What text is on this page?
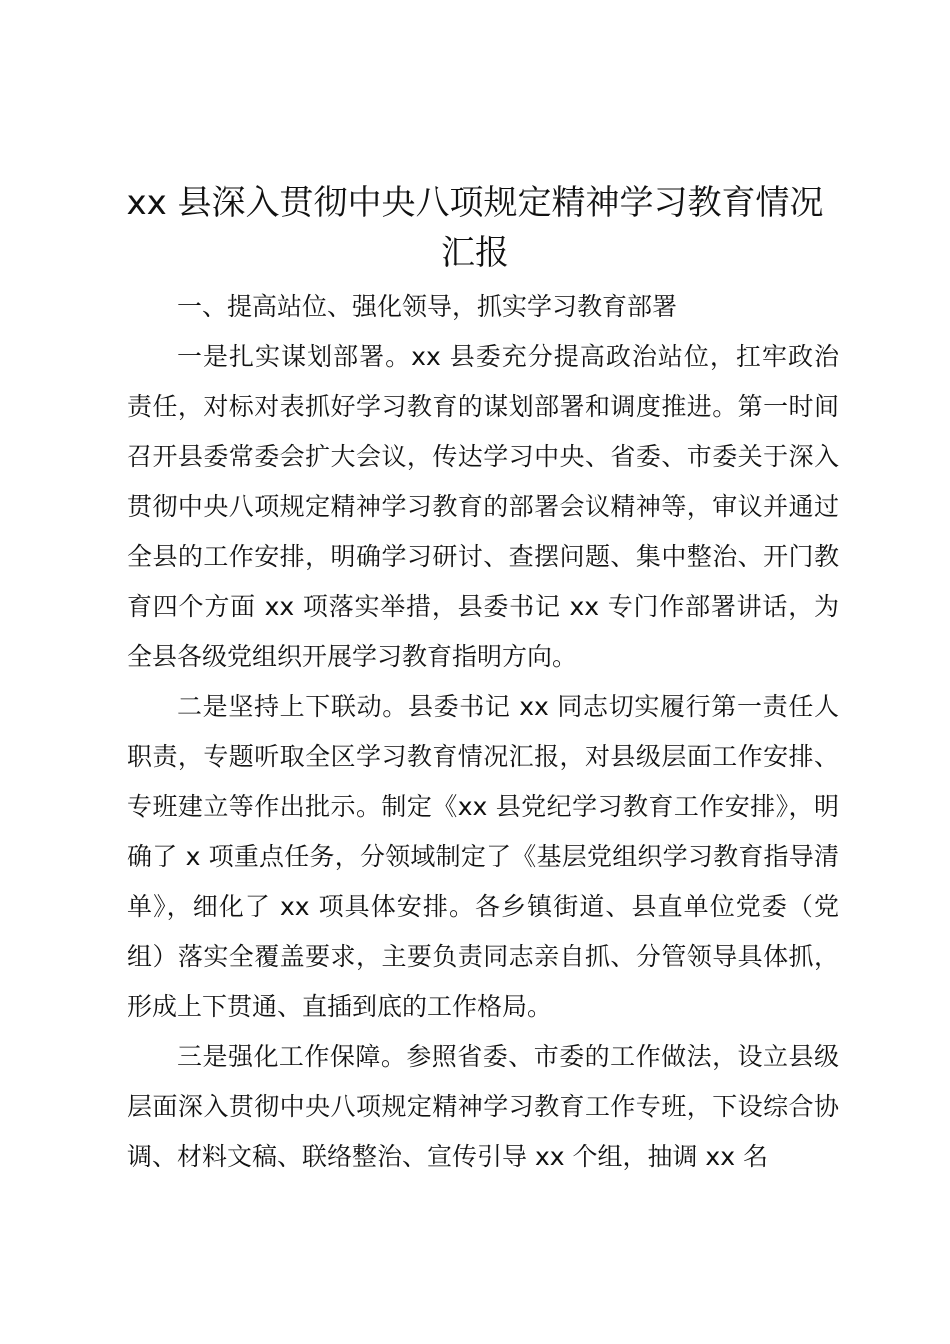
xx 县深入贯彻中央八项规定精神学习教育情况汇报

一、提高站位、强化领导，抓实学习教育部署

一是扎实谋划部署。xx 县委充分提高政治站位，扛牢政治责任，对标对表抓好学习教育的谋划部署和调度推进。第一时间召开县委常委会扩大会议，传达学习中央、省委、市委关于深入贯彻中央八项规定精神学习教育的部署会议精神等，审议并通过全县的工作安排，明确学习研讨、查摆问题、集中整治、开门教育四个方面 xx 项落实举措，县委书记 xx 专门作部署讲话，为全县各级党组织开展学习教育指明方向。

二是坚持上下联动。县委书记 xx 同志切实履行第一责任人职责，专题听取全区学习教育情况汇报，对县级层面工作安排、专班建立等作出批示。制定《xx 县党纪学习教育工作安排》，明确了 x 项重点任务，分领域制定了《基层党组织学习教育指导清单》，细化了 xx 项具体安排。各乡镇街道、县直单位党委（党组）落实全覆盖要求，主要负责同志亲自抓、分管领导具体抓，形成上下贯通、直插到底的工作格局。

三是强化工作保障。参照省委、市委的工作做法，设立县级层面深入贯彻中央八项规定精神学习教育工作专班，下设综合协调、材料文稿、联络整治、宣传引导 xx 个组，抽调 xx 名
